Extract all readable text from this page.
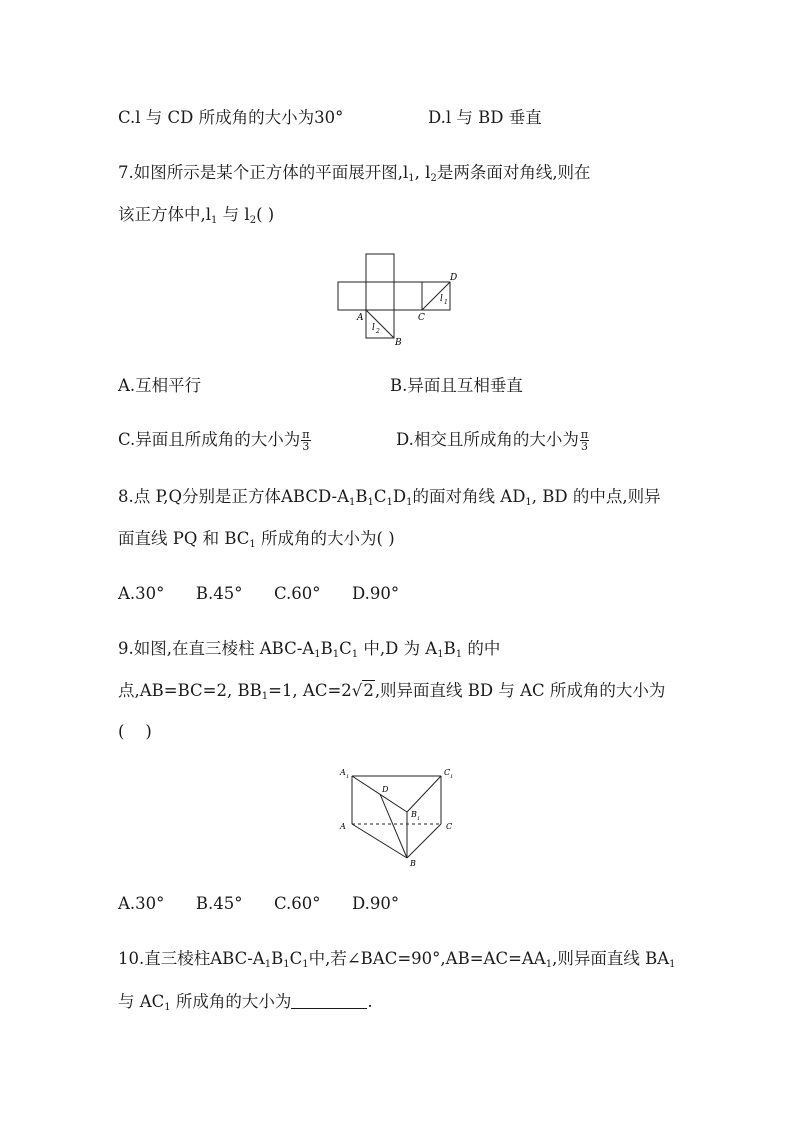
C.l 与 CD 所成角的大小为30°	D.l 与 BD 垂直
7.如图所示是某个正方体的平面展开图$,l_1$, $l_2$是两条面对角线,则在
该正方体中$,l_1$ 与 $l_2$( )
D
C
A
B
l 1
l 2
A.互相平行	B.异面且互相垂直
C.异面且所成角的大小为 $\frac{\pi}{3}$	D.相交且所成角的大小为 $\frac{\pi}{3}$
8.点 P,Q分别是正方体ABCD-$A_1B_1C_1D_1$的面对角线 $AD_1$, BD 的中点,则异
面直线 PQ 和 $BC_1$ 所成角的大小为( )
A.30°      B.45°      C.60°      D.90°
9.如图,在直三棱柱 ABC-$A_1B_1C_1$ 中,D 为 $A_1B_1$ 的中
点,AB=BC=2, $BB_1=1$, AC=2√2,则异面直线 BD 与 AC 所成角的大小为
(    )
A 1	C 1
D
B 1
A	C
B
A.30°      B.45°      C.60°      D.90°
10.直三棱柱ABC-$A_1B_1C_1$中,若$\angle BAC=90^\circ,AB=AC=AA_1$,则异面直线 $BA_1$
与 $AC_1$ 所成角的大小为	.
